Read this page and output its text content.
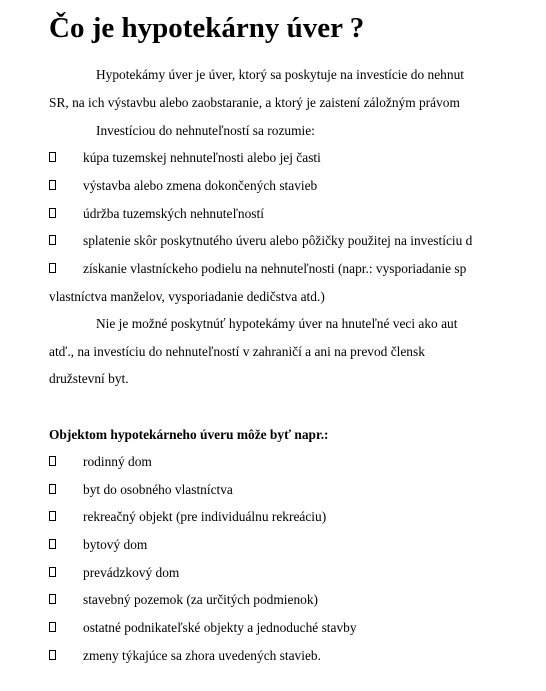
Čo je hypotekárny úver ?
Hypotekámy úver je úver, ktorý sa poskytuje na investície do nehnut
SR, na ich výstavbu alebo zaobstaranie, a ktorý je zaistení záložným právom
Investíciou do nehnuteľností sa rozumie:
kúpa tuzemskej nehnuteľnosti alebo jej časti
výstavba alebo zmena dokončených stavieb
údržba tuzemských nehnuteľností
splatenie skôr poskytnutého úveru alebo pôžičky použitej na investíciu d
získanie vlastníckeho podielu na nehnuteľnosti (napr.: vysporiadanie sp
vlastníctva manželov, vysporiadanie dedičstva atd.)
Nie je možné poskytnúť hypotekámy úver na hnuteľné veci ako aut
atď., na investíciu do nehnuteľností v zahraničí a ani na prevod člensk
družstevní byt.
Objektom hypotekárneho úveru môže byť napr.:
rodinný dom
byt do osobného vlastníctva
rekreačný objekt (pre individuálnu rekreáciu)
bytový dom
prevádzkový dom
stavebný pozemok (za určitých podmienok)
ostatné podnikateľské objekty a jednoduché stavby
zmeny týkajúce sa zhora uvedených stavieb.
